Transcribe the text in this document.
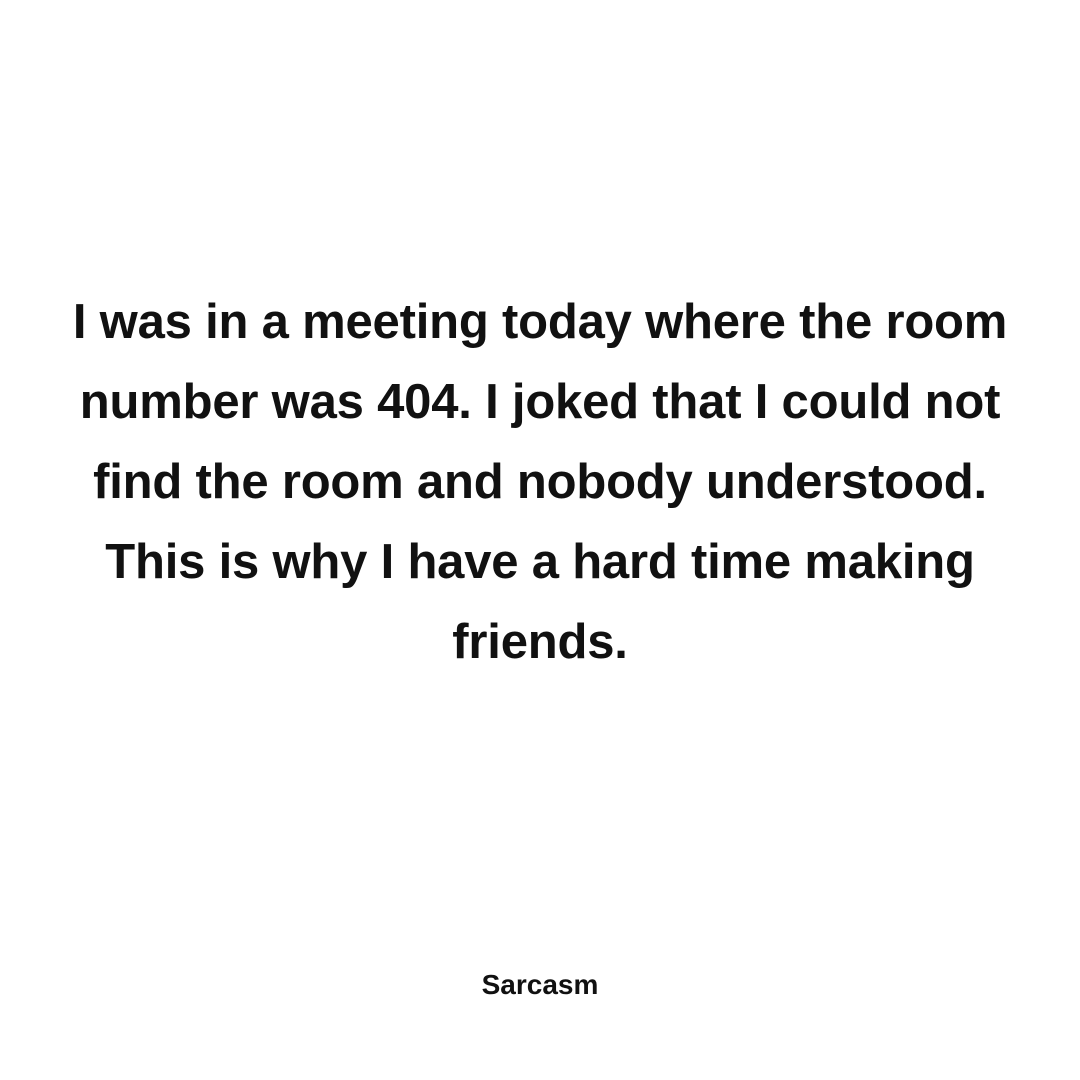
I was in a meeting today where the room
number was 404. I joked that I could not
find the room and nobody understood.
This is why I have a hard time making
friends.

Sarcasm
